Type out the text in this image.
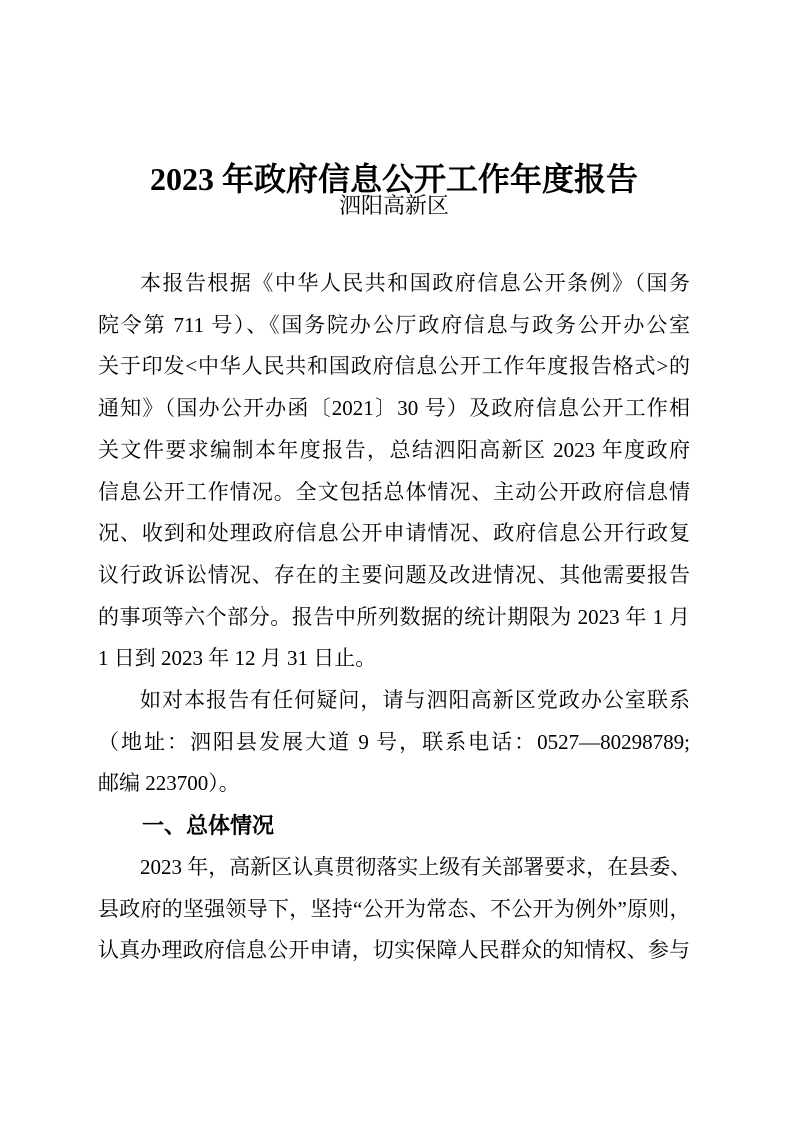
2023 年政府信息公开工作年度报告
泗阳高新区

本报告根据《中华人民共和国政府信息公开条例》（国务
院令第 711 号）、《国务院办公厅政府信息与政务公开办公室
关于印发<中华人民共和国政府信息公开工作年度报告格式>的
通知》（国办公开办函〔2021〕30 号）及政府信息公开工作相
关文件要求编制本年度报告，总结泗阳高新区 2023 年度政府
信息公开工作情况。全文包括总体情况、主动公开政府信息情
况、收到和处理政府信息公开申请情况、政府信息公开行政复
议行政诉讼情况、存在的主要问题及改进情况、其他需要报告
的事项等六个部分。报告中所列数据的统计期限为 2023 年 1 月
1 日到 2023 年 12 月 31 日止。

如对本报告有任何疑问，请与泗阳高新区党政办公室联系
（地址：泗阳县发展大道 9 号，联系电话：0527—80298789;
邮编 223700）。

一、总体情况

2023 年，高新区认真贯彻落实上级有关部署要求，在县委、
县政府的坚强领导下，坚持“公开为常态、不公开为例外”原则，
认真办理政府信息公开申请，切实保障人民群众的知情权、参与
